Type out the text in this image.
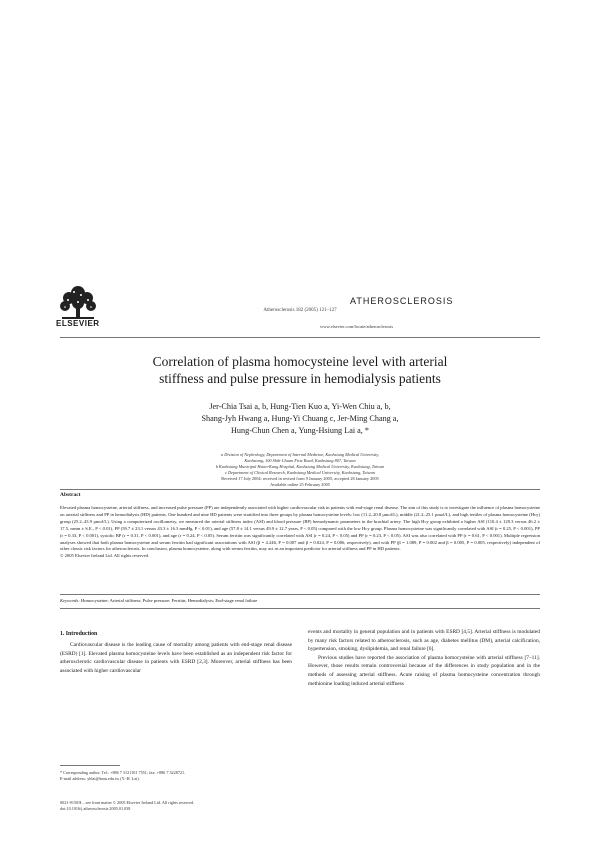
ELSEVIER
Atherosclerosis 182 (2005) 121–127
ATHEROSCLEROSIS
www.elsevier.com/locate/atherosclerosis
Correlation of plasma homocysteine level with arterial
stiffness and pulse pressure in hemodialysis patients
Jer-Chia Tsai a, b, Hung-Tien Kuo a, Yi-Wen Chiu a, b,
Shang-Jyh Hwang a, Hung-Yi Chuang c, Jer-Ming Chang a,
Hung-Chun Chen a, Yung-Hsiung Lai a, *
a Division of Nephrology, Department of Internal Medicine, Kaohsiung Medical University,
Kaohsiung, 100 Shih-Chuan First Road, Kaohsiung 807, Taiwan
b Kaohsiung Municipal Hsiao-Kang Hospital, Kaohsiung Medical University, Kaohsiung, Taiwan
c Department of Clinical Research, Kaohsiung Medical University, Kaohsiung, Taiwan
Received 17 July 2004; received in revised form 9 January 2005; accepted 28 January 2005
Available online 25 February 2005
Abstract
Elevated plasma homocysteine, arterial stiffness, and increased pulse pressure (PP) are independently associated with higher cardiovascular risk in patients with end-stage renal disease. The aim of this study is to investigate the influence of plasma homocysteine on arterial stiffness and PP in hemodialysis (HD) patients. One hundred and nine HD patients were stratified into three groups by plasma homocysteine levels: low (11.2–20.8 μmol/L), middle (21.2–25.1 μmol/L), and high tertiles of plasma homocysteine (Hcy) group (25.2–43.9 μmol/L). Using a computerized oscillometry, we measured the arterial stiffness index (ASI) and blood pressure (BP) hemodynamic parameters in the brachial artery. The high Hcy group exhibited a higher ASI (110.4 ± 129.3 versus 46.2 ± 17.5, mean ± S.E., P < 0.01), PP (59.7 ± 23.1 versus 43.3 ± 16.3 mmHg, P < 0.01), and age (57.8 ± 14.1 versus 49.9 ± 12.7 years, P < 0.05) compared with the low Hcy group. Plasma homocysteine was significantly correlated with ASI (r = 0.25, P < 0.001), PP (r = 0.33, P < 0.001), systolic BP (r = 0.31, P < 0.001), and age (r = 0.24, P < 0.05). Serum ferritin was significantly correlated with ASI (r = 0.24, P < 0.05) and PP (r = 0.23, P < 0.05). ASI was also correlated with PP (r = 0.61, P < 0.001). Multiple regression analyses showed that both plasma homocysteine and serum ferritin had significant associations with ASI (β = 4.246, P = 0.007 and β = 0.024, P = 0.006, respectively), and with PP (β = 1.089, P = 0.002 and β = 0.005, P = 0.005, respectively) independent of other classic risk factors for atherosclerosis. In conclusion, plasma homocysteine, along with serum ferritin, may act as an important predictor for arterial stiffness and PP in HD patients.
© 2005 Elsevier Ireland Ltd. All rights reserved.
Keywords: Homocysteine; Arterial stiffness; Pulse pressure; Ferritin; Hemodialysis; End-stage renal failure
1. Introduction

Cardiovascular disease is the leading cause of mortality among patients with end-stage renal disease (ESRD) [1]. Elevated plasma homocysteine levels have been established as an independent risk factor for atherosclerotic cardiovascular disease in patients with ESRD [2,3]. Moreover, arterial stiffness has been associated with higher cardiovascular

events and mortality in general population and in patients with ESRD [4,5]. Arterial stiffness is modulated by many risk factors related to atherosclerosis, such as age, diabetes mellitus (DM), arterial calcification, hypertension, smoking, dyslipidemia, and renal failure [6].

Previous studies have reported the association of plasma homocysteine with arterial stiffness [7–11]. However, those results remain controversial because of the differences in study population and in the methods of assessing arterial stiffness. Acute raising of plasma homocysteine concentration through methionine loading induced arterial stiffness

* Corresponding author. Tel.: +886 7 3121101 7551; fax: +886 7 3228721.
E-mail address: yhlai@kmu.edu.tw (Y.-H. Lai).
0021-9150/$ – see front matter © 2005 Elsevier Ireland Ltd. All rights reserved.
doi:10.1016/j.atherosclerosis.2005.01.038
